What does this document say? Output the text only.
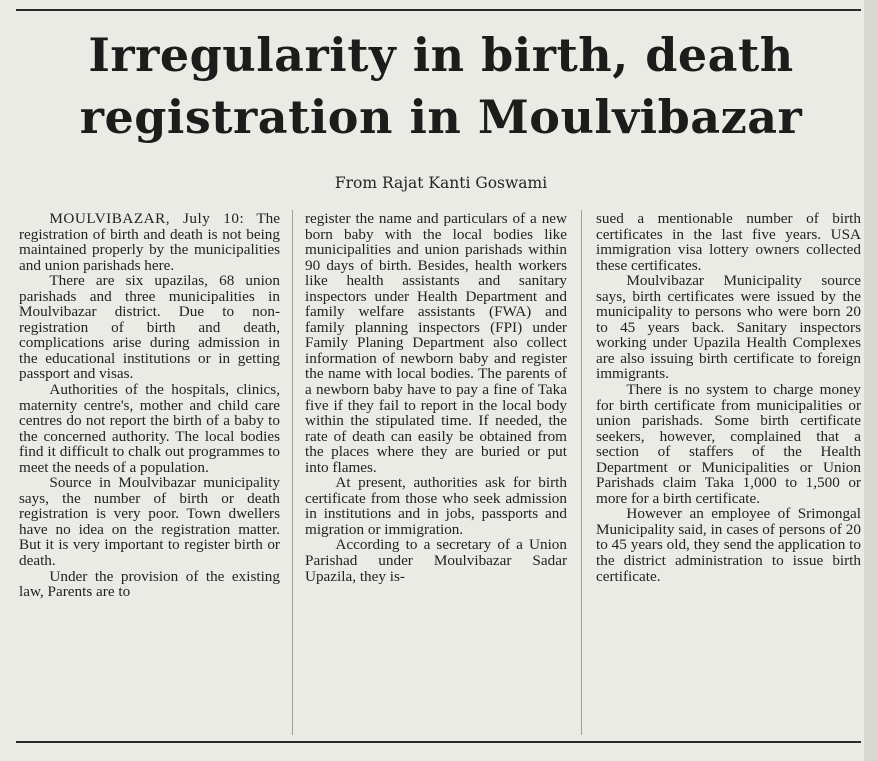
Irregularity in birth, death
registration in Moulvibazar
From Rajat Kanti Goswami

MOULVIBAZAR, July 10: The registration of birth and death is not being maintained properly by the municipalities and union parishads here.

There are six upazilas, 68 union parishads and three municipalities in Moulvibazar district. Due to non-registration of birth and death, complications arise during admission in the educational institutions or in getting passport and visas.

Authorities of the hospitals, clinics, maternity centre's, mother and child care centres do not report the birth of a baby to the concerned authority. The local bodies find it difficult to chalk out programmes to meet the needs of a population.

Source in Moulvibazar municipality says, the number of birth or death registration is very poor. Town dwellers have no idea on the registration matter. But it is very important to register birth or death.

Under the provision of the existing law, Parents are to

register the name and particulars of a new born baby with the local bodies like municipalities and union parishads within 90 days of birth. Besides, health workers like health assistants and sanitary inspectors under Health Department and family welfare assistants (FWA) and family planning inspectors (FPI) under Family Planing Department also collect information of newborn baby and register the name with local bodies. The parents of a newborn baby have to pay a fine of Taka five if they fail to report in the local body within the stipulated time. If needed, the rate of death can easily be obtained from the places where they are buried or put into flames.

At present, authorities ask for birth certificate from those who seek admission in institutions and in jobs, passports and migration or immigration.

According to a secretary of a Union Parishad under Moulvibazar Sadar Upazila, they is-

sued a mentionable number of birth certificates in the last five years. USA immigration visa lottery owners collected these certificates.

Moulvibazar Municipality source says, birth certificates were issued by the municipality to persons who were born 20 to 45 years back. Sanitary inspectors working under Upazila Health Complexes are also issuing birth certificate to foreign immigrants.

There is no system to charge money for birth certificate from municipalities or union parishads. Some birth certificate seekers, however, complained that a section of staffers of the Health Department or Municipalities or Union Parishads claim Taka 1,000 to 1,500 or more for a birth certificate.

However an employee of Srimongal Municipality said, in cases of persons of 20 to 45 years old, they send the application to the district administration to issue birth certificate.
